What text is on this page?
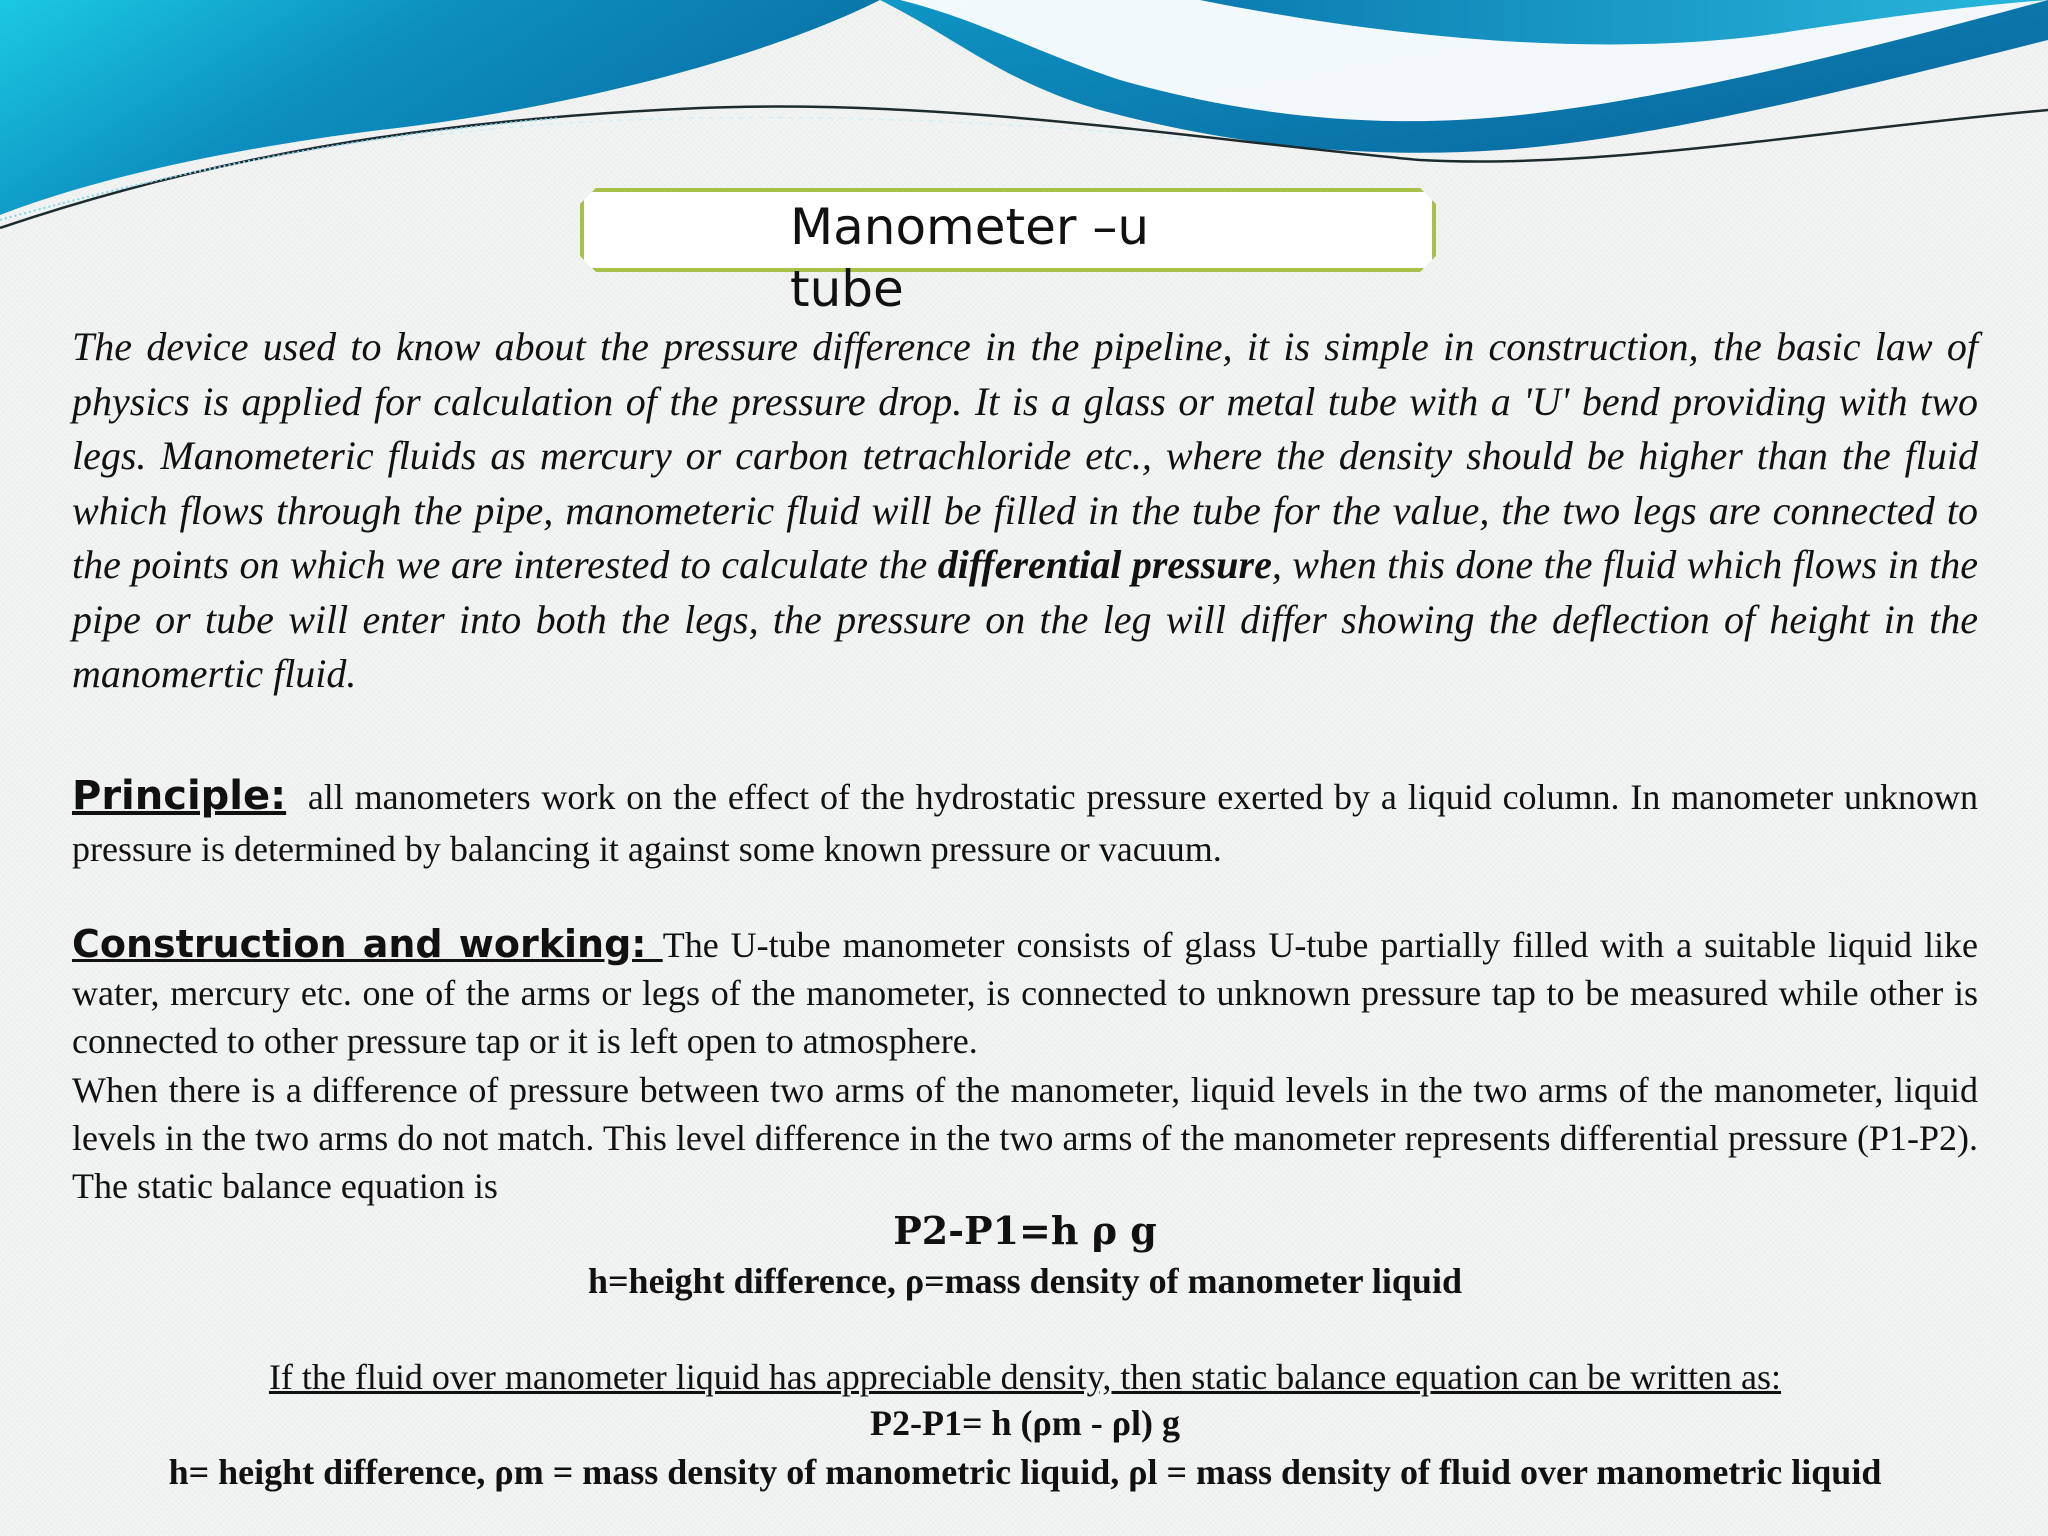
Manometer –u tube

The device used to know about the pressure difference in the pipeline, it is simple in construction, the basic law of physics is applied for calculation of the pressure drop. It is a glass or metal tube with a 'U' bend providing with two legs. Manometeric fluids as mercury or carbon tetrachloride etc., where the density should be higher than the fluid which flows through the pipe, manometeric fluid will be filled in the tube for the value, the two legs are connected to the points on which we are interested to calculate the differential pressure, when this done the fluid which flows in the pipe or tube will enter into both the legs, the pressure on the leg will differ showing the deflection of height in the manomertic fluid.

Principle: all manometers work on the effect of the hydrostatic pressure exerted by a liquid column. In manometer unknown pressure is determined by balancing it against some known pressure or vacuum.

Construction and working: The U-tube manometer consists of glass U-tube partially filled with a suitable liquid like water, mercury etc. one of the arms or legs of the manometer, is connected to unknown pressure tap to be measured while other is connected to other pressure tap or it is left open to atmosphere.

When there is a difference of pressure between two arms of the manometer, liquid levels in the two arms of the manometer, liquid levels in the two arms do not match. This level difference in the two arms of the manometer represents differential pressure (P1-P2). The static balance equation is

P2-P1=h ρ g

h=height difference, ρ=mass density of manometer liquid

If the fluid over manometer liquid has appreciable density, then static balance equation can be written as:

P2-P1= h (ρm - ρl) g

h= height difference, ρm = mass density of manometric liquid, ρl = mass density of fluid over manometric liquid
